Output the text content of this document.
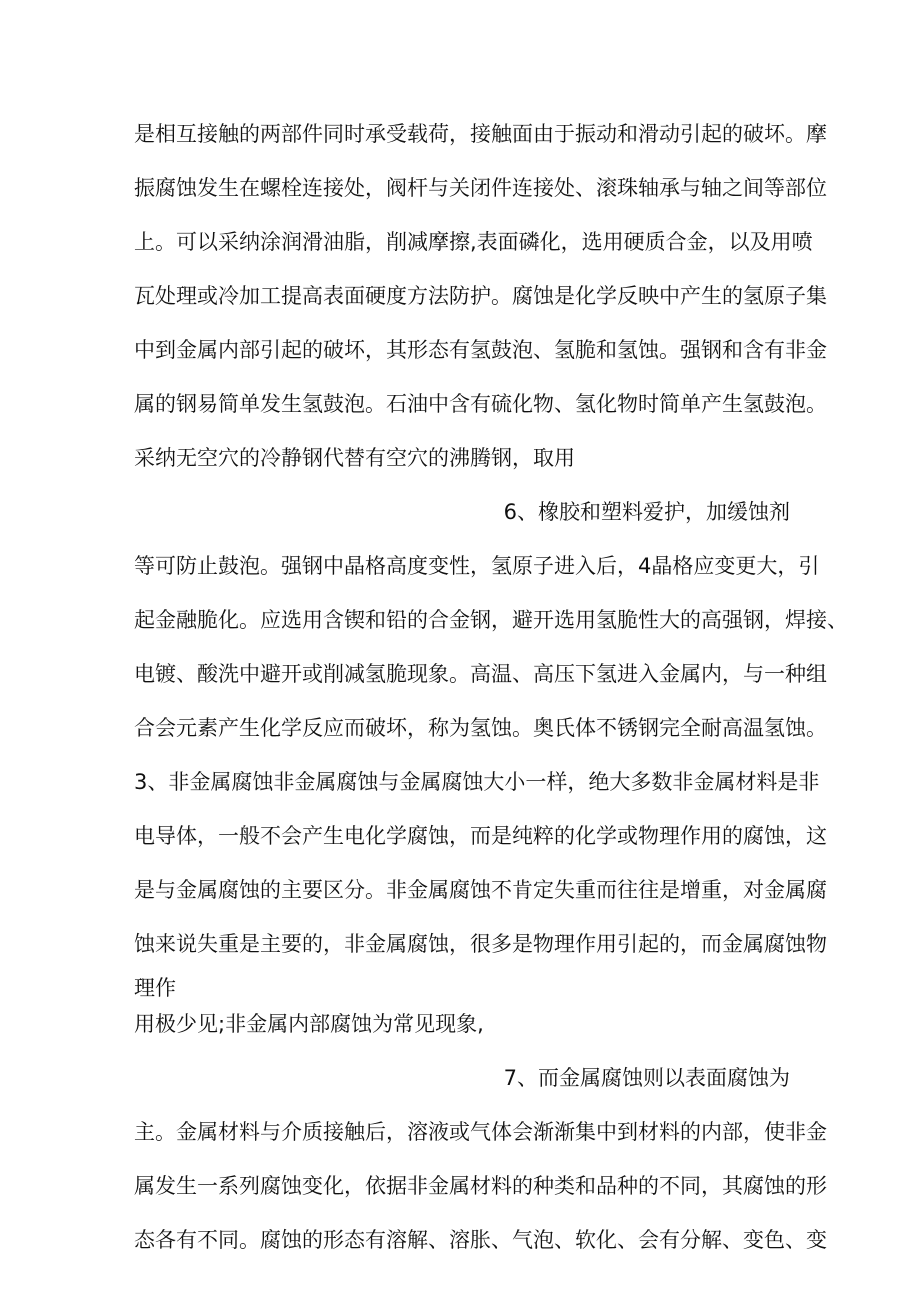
是相互接触的两部件同时承受载荷，接触面由于振动和滑动引起的破坏。摩
振腐蚀发生在螺栓连接处，阀杆与关闭件连接处、滚珠轴承与轴之间等部位
上。可以采纳涂润滑油脂，削减摩擦,表面磷化，选用硬质合金，以及用喷
瓦处理或冷加工提高表面硬度方法防护。腐蚀是化学反映中产生的氢原子集
中到金属内部引起的破坏，其形态有氢鼓泡、氢脆和氢蚀。强钢和含有非金
属的钢易简单发生氢鼓泡。石油中含有硫化物、氢化物时简单产生氢鼓泡。
采纳无空穴的冷静钢代替有空穴的沸腾钢，取用
6、橡胶和塑料爱护，加缓蚀剂
等可防止鼓泡。强钢中晶格高度变性，氢原子进入后，4晶格应变更大，引
起金融脆化。应选用含锲和铅的合金钢，避开选用氢脆性大的高强钢，焊接、
电镀、酸洗中避开或削减氢脆现象。高温、高压下氢进入金属内，与一种组
合会元素产生化学反应而破坏，称为氢蚀。奥氏体不锈钢完全耐高温氢蚀。
3、非金属腐蚀非金属腐蚀与金属腐蚀大小一样，绝大多数非金属材料是非
电导体，一般不会产生电化学腐蚀，而是纯粹的化学或物理作用的腐蚀，这
是与金属腐蚀的主要区分。非金属腐蚀不肯定失重而往往是增重，对金属腐
蚀来说失重是主要的，非金属腐蚀，很多是物理作用引起的，而金属腐蚀物
理作
用极少见;非金属内部腐蚀为常见现象,
7、而金属腐蚀则以表面腐蚀为
主。金属材料与介质接触后，溶液或气体会渐渐集中到材料的内部，使非金
属发生一系列腐蚀变化，依据非金属材料的种类和品种的不同，其腐蚀的形
态各有不同。腐蚀的形态有溶解、溶胀、气泡、软化、会有分解、变色、变
